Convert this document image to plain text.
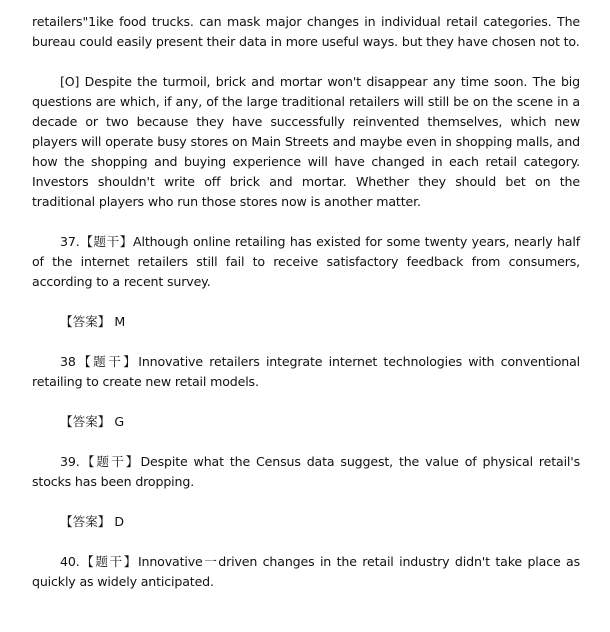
retailers"1ike food trucks. can mask major changes in individual retail categories. The bureau could easily present their data in more useful ways. but they have chosen not to.

[O] Despite the turmoil, brick and mortar won't disappear any time soon. The big questions are which, if any, of the large traditional retailers will still be on the scene in a decade or two because they have successfully reinvented themselves, which new players will operate busy stores on Main Streets and maybe even in shopping malls, and how the shopping and buying experience will have changed in each retail category. Investors shouldn't write off brick and mortar. Whether they should bet on the traditional players who run those stores now is another matter.

37.【题干】Although online retailing has existed for some twenty years, nearly half of the internet retailers still fail to receive satisfactory feedback from consumers, according to a recent survey.

【答案】 M

38【题干】Innovative retailers integrate internet technologies with conventional retailing to create new retail models.

【答案】 G

39.【题干】Despite what the Census data suggest, the value of physical retail's stocks has been dropping.

【答案】 D

40.【题干】Innovative一driven changes in the retail industry didn't take place as quickly as widely anticipated.
